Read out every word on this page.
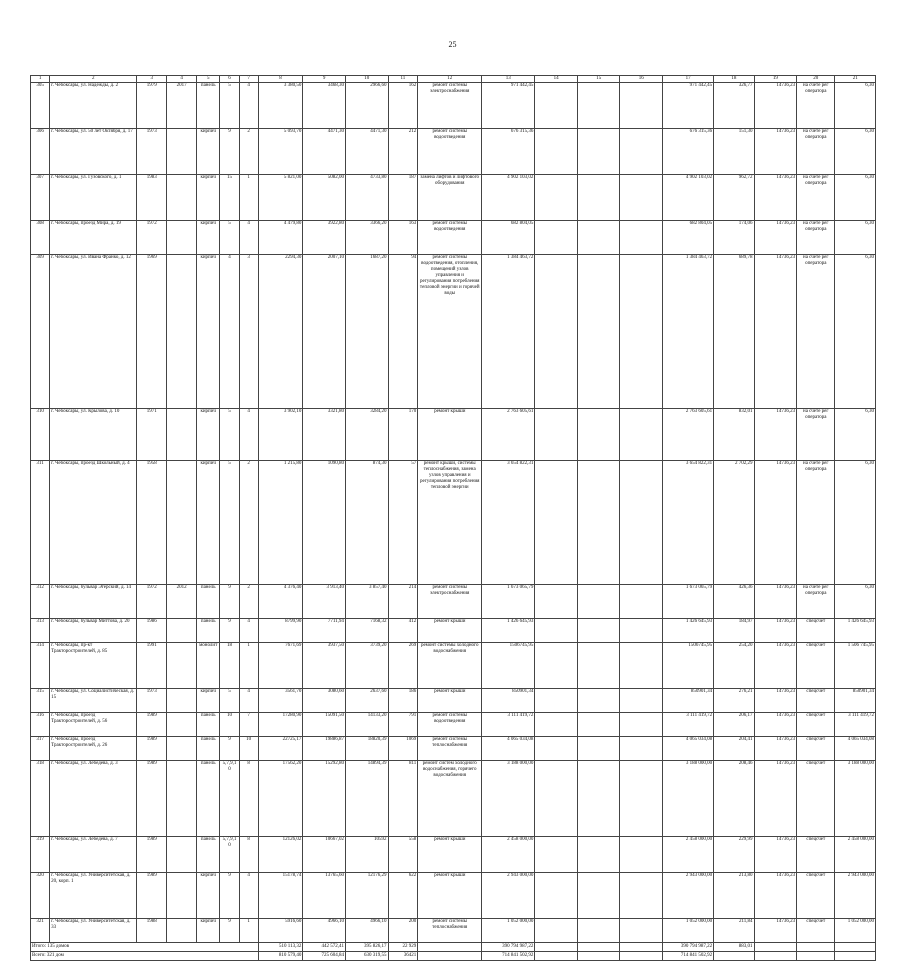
25
1	2	3	4	5	6	7	8	9	10	11	12	13	14	15	16	17	18	19	20	21
305	г. Чебоксары, ул. Надежды, д. 2	1979	2017	панель	5	4	3 380,50	3468,30	2966,60	162	ремонт системы электроснабжения	971 442,45				971 442,45	326,77	14736,23	на счете рег оператора	6,30
306	г. Чебоксары, ул. 50 лет Октября, д. 17	1973		кирпич	9	2	5 093,70	4471,30	4471,30	212	ремонт системы водоотведения	676 315,36				676 315,36	151,30	14736,23	на счете рег оператора	6,30
307	г. Чебоксары, ул. Гузовского, д. 1	1983		кирпич	15	1	5 821,00	5082,00	4733,80	187	замена лифтов и лифтового оборудования	4 902 103,02				4 902 103,02	962,72	14736,23	на счете рег оператора	6,30
308	г. Чебоксары, проезд Мира, д. 19	1972		кирпич	5	4	4 479,80	3922,80	3366,20	163	ремонт системы водоотведения	682 804,05				682 804,05	174,06	14736,23	на счете рег оператора	6,30
309	г. Чебоксары, ул. Ивана Франко, д. 12	1969		кирпич	4	3	2294,30	2007,10	1687,20	94	ремонт системы водоотведения, отопления, помещений узлов управления и регулирования потребления тепловой энергии и горячей воды	1 384 463,72				1 384 463,72	689,78	14736,23	на счете рег оператора	6,30
310	г. Чебоксары, ул. Крылова, д. 10	1971		кирпич	5	4	3 902,10	3321,80	3284,20	170	ремонт крыши	2 763 605,61				2 763 605,61	832,01	14736,23	на счете рег оператора	6,30
311	г. Чебоксары, проезд Школьный, д. 4	1958		кирпич	5	2	1 215,80	1090,80	874,30	57	ремонт крыши, системы теплоснабжения, замена узлов управления и регулирования потребления тепловой энергии	3 654 822,31				3 654 822,31	2 702,29	14736,23	на счете рег оператора	6,30
312	г. Чебоксары, бульвар Эгерский, д. 14	1972	2012	панель	9	2	4 376,40	3 913,40	3 857,40	214	ремонт системы электроснабжения	1 673 065,79				1 673 065,79	426,36	14736,23	на счете рег оператора	6,30
313	г. Чебоксары, бульвар Миттова, д. 20	1986		панель	9	4	8799,90	7711,94	7168,32	412	ремонт крыши	1 426 645,93				1 426 645,93	184,97	14736,23	спецсчет	1 426 645,93
314	г. Чебоксары, пр-кт Тракторостроителей, д. 85	1991		монолит	18	1	7671,69	3937,50	3739,20	269	ремонт системы холодного водоснабжения	1506745,95				1506745,95	254,20	14736,23	спецсчет	1 506 745,95
315	г. Чебоксары, ул. Социалистическая, д. 15	1973		кирпич	5	4	3561,70	3080,60	2637,60	186	ремонт крыши	850901,34				850901,34	276,21	14736,23	спецсчет	850901,34
316	г. Чебоксары, проезд Тракторостроителей, д. 56	1989		панель	10	7	17280,90	15091,50	14133,20	791	ремонт системы водоотведения	3 111 419,72				3 111 419,72	206,17	14736,23	спецсчет	3 111 419,72
317	г. Чебоксары, проезд Тракторостроителей, д. 26	1989		панель	9	10	22725,17	19886,87	18820,39	1069	ремонт системы теплоснабжения	4 065 034,08				4 065 034,08	204,41	14736,23	спецсчет	4 065 034,08
318	г. Чебоксары, ул. Лебедева, д. 3	1989		панель	5,7,9,10	8	17562,20	15292,80	14894,39	811	ремонт систем холодного водоснабжения, горячего водоснабжения	3 188 000,00				3 188 000,00	208,46	14736,23	спецсчет	3 188 000,00
319	г. Чебоксары, ул. Лебедева, д. 7	1989		панель	5,7,9,10	8	12126,02	10667,02	10592	558	ремонт крыши	2 458 000,00				2 458 000,00	229,99	14736,23	спецсчет	2 458 000,00
320	г. Чебоксары, ул. Университетская, д. 20, корп. 1	1989		кирпич	9	4	15178,74	13765,60	12176,29	622	ремонт крыши	2 943 000,00				2 943 000,00	213,80	14736,23	спецсчет	2 943 000,00
321	г. Чебоксары, ул. Университетская, д. 33	1988		кирпич	9	1	5916,60	4966,10	4966,10	200	ремонт системы теплоснабжения	1 052 000,00				1 052 000,00	211,84	14736,23	спецсчет	1 052 000,00
Итого: 135 домов							510 113,32	442 572,41	395 826,17	22 929		390 794 987,22				390 794 987,22	883,01			
Всего: 321 дом							810 579,40	725 604,84	630 319,55	36421		714 841 502,92				714 841 502,92				
